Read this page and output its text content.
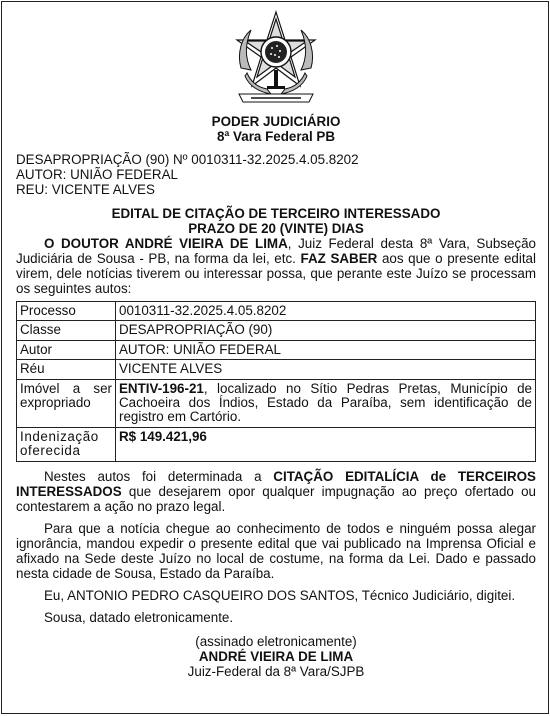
PODER JUDICIÁRIO
8ª Vara Federal PB
DESAPROPRIAÇÃO (90) Nº 0010311-32.2025.4.05.8202
AUTOR: UNIÃO FEDERAL
REU: VICENTE ALVES
EDITAL DE CITAÇÃO DE TERCEIRO INTERESSADO
PRAZO DE 20 (VINTE) DIAS

O DOUTOR ANDRÉ VIEIRA DE LIMA, Juiz Federal desta 8ª Vara, Subseção Judiciária de Sousa - PB, na forma da lei, etc. FAZ SABER aos que o presente edital virem, dele notícias tiverem ou interessar possa, que perante este Juízo se processam os seguintes autos:

Processo	0010311-32.2025.4.05.8202
Classe	DESAPROPRIAÇÃO (90)
Autor	AUTOR: UNIÃO FEDERAL
Réu	VICENTE ALVES
Imóvel a ser expropriado	ENTIV-196-21, localizado no Sítio Pedras Pretas, Município de Cachoeira dos Índios, Estado da Paraíba, sem identificação de registro em Cartório.
Indenização oferecida	R$ 149.421,96

Nestes autos foi determinada a CITAÇÃO EDITALÍCIA de TERCEIROS INTERESSADOS que desejarem opor qualquer impugnação ao preço ofertado ou contestarem a ação no prazo legal.

Para que a notícia chegue ao conhecimento de todos e ninguém possa alegar ignorância, mandou expedir o presente edital que vai publicado na Imprensa Oficial e afixado na Sede deste Juízo no local de costume, na forma da Lei. Dado e passado nesta cidade de Sousa, Estado da Paraíba.

Eu, ANTONIO PEDRO CASQUEIRO DOS SANTOS, Técnico Judiciário, digitei.

Sousa, datado eletronicamente.

(assinado eletronicamente)
ANDRÉ VIEIRA DE LIMA
Juiz-Federal da 8ª Vara/SJPB
